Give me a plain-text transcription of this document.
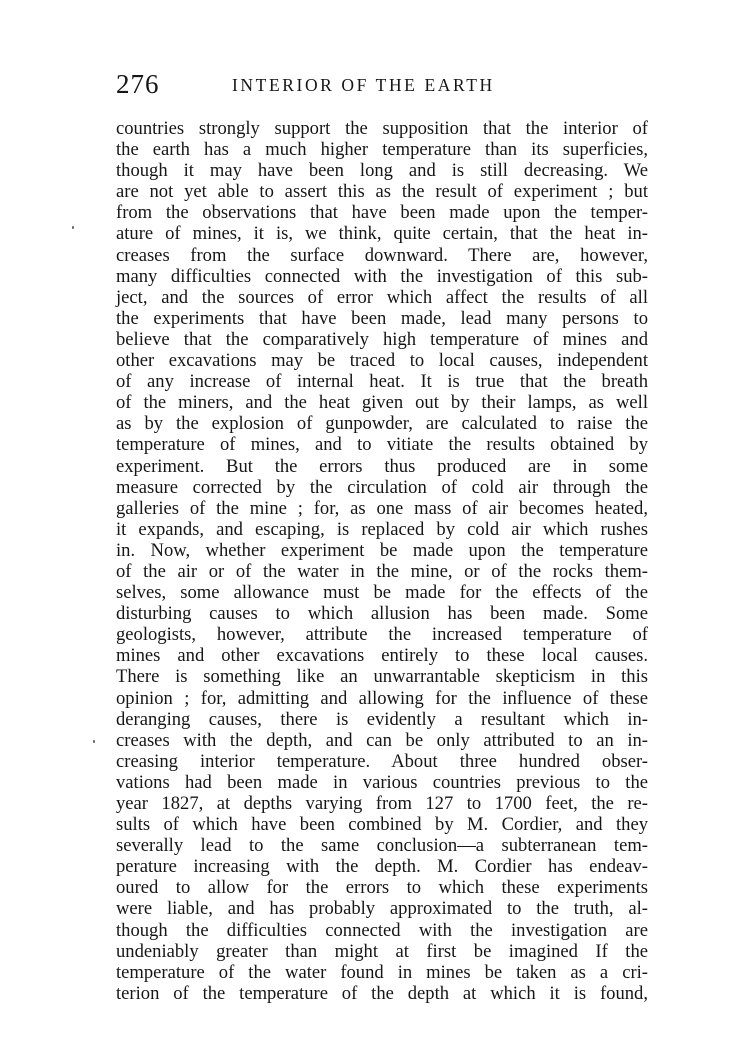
276	INTERIOR OF THE EARTH
countries strongly support the supposition that the interior of
the earth has a much higher temperature than its superficies,
though it may have been long and is still decreasing. We
are not yet able to assert this as the result of experiment ; but
from the observations that have been made upon the temper-
ature of mines, it is, we think, quite certain, that the heat in-
creases from the surface downward. There are, however,
many difficulties connected with the investigation of this sub-
ject, and the sources of error which affect the results of all
the experiments that have been made, lead many persons to
believe that the comparatively high temperature of mines and
other excavations may be traced to local causes, independent
of any increase of internal heat. It is true that the breath
of the miners, and the heat given out by their lamps, as well
as by the explosion of gunpowder, are calculated to raise the
temperature of mines, and to vitiate the results obtained by
experiment. But the errors thus produced are in some
measure corrected by the circulation of cold air through the
galleries of the mine ; for, as one mass of air becomes heated,
it expands, and escaping, is replaced by cold air which rushes
in. Now, whether experiment be made upon the temperature
of the air or of the water in the mine, or of the rocks them-
selves, some allowance must be made for the effects of the
disturbing causes to which allusion has been made. Some
geologists, however, attribute the increased temperature of
mines and other excavations entirely to these local causes.
There is something like an unwarrantable skepticism in this
opinion ; for, admitting and allowing for the influence of these
deranging causes, there is evidently a resultant which in-
creases with the depth, and can be only attributed to an in-
creasing interior temperature. About three hundred obser-
vations had been made in various countries previous to the
year 1827, at depths varying from 127 to 1700 feet, the re-
sults of which have been combined by M. Cordier, and they
severally lead to the same conclusion—a subterranean tem-
perature increasing with the depth. M. Cordier has endeav-
oured to allow for the errors to which these experiments
were liable, and has probably approximated to the truth, al-
though the difficulties connected with the investigation are
undeniably greater than might at first be imagined If the
temperature of the water found in mines be taken as a cri-
terion of the temperature of the depth at which it is found,
